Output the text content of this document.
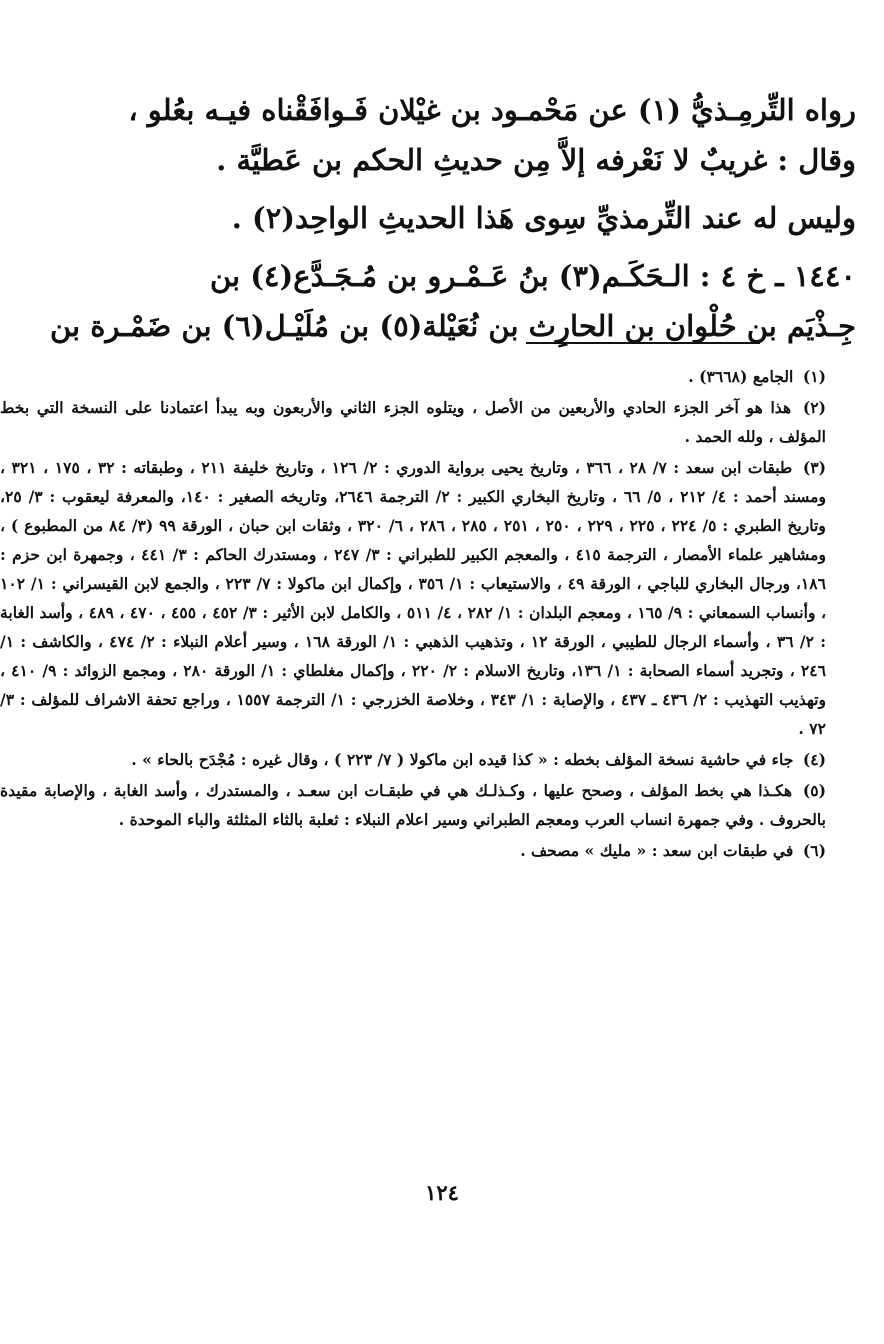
رواه التِّرمِـذيُّ (١) عن مَحْمـود بن غيْلان فَـوافَقْناه فيـه بعُلو ،
وقال : غريبٌ لا نَعْرفه إلاَّ مِن حديثِ الحكم بن عَطيَّة .

وليس له عند التِّرمذيِّ سِوى هَذا الحديثِ الواحِد(٢) .

١٤٤٠ ـ خ ٤ : الـحَكَـم(٣) بنُ عَـمْـرو بن مُـجَـدَّع(٤) بن
جِـذْيَم بن حُلْوان بن الحارِث بن نُعَيْلة(٥) بن مُلَيْـل(٦) بن ضَمْـرة بن

(١) الجامع (٣٦٦٨) .
(٢) هذا هو آخر الجزء الحادي والأربعين من الأصل ، ويتلوه الجزء الثاني والأربعون وبه يبدأ اعتمادنا على النسخة التي بخط المؤلف ، ولله الحمد .
(٣) طبقات ابن سعد : ٧/ ٢٨ ، ٣٦٦ ، وتاريخ يحيى برواية الدوري : ٢/ ١٢٦ ، وتاريخ خليفة ٢١١ ، وطبقاته : ٣٢ ، ١٧٥ ، ٣٢١ ، ومسند أحمد : ٤/ ٢١٢ ، ٥/ ٦٦ ، وتاريخ البخاري الكبير : ٢/ الترجمة ٢٦٤٦، وتاريخه الصغير : ١٤٠، والمعرفة ليعقوب : ٣/ ٢٥، وتاريخ الطبري : ٥/ ٢٢٤ ، ٢٢٥ ، ٢٢٩ ، ٢٥٠ ، ٢٥١ ، ٢٨٥ ، ٢٨٦ ، ٦/ ٣٢٠ ، وثقات ابن حبان ، الورقة ٩٩ (٣/ ٨٤ من المطبوع ) ، ومشاهير علماء الأمصار ، الترجمة ٤١٥ ، والمعجم الكبير للطبراني : ٣/ ٢٤٧ ، ومستدرك الحاكم : ٣/ ٤٤١ ، وجمهرة ابن حزم : ١٨٦، ورجال البخاري للباجي ، الورقة ٤٩ ، والاستيعاب : ١/ ٣٥٦ ، وإكمال ابن ماكولا : ٧/ ٢٢٣ ، والجمع لابن القيسراني : ١/ ١٠٢ ، وأنساب السمعاني : ٩/ ١٦٥ ، ومعجم البلدان : ١/ ٢٨٢ ، ٤/ ٥١١ ، والكامل لابن الأثير : ٣/ ٤٥٢ ، ٤٥٥ ، ٤٧٠ ، ٤٨٩ ، وأسد الغابة : ٢/ ٣٦ ، وأسماء الرجال للطيبي ، الورقة ١٢ ، وتذهيب الذهبي : ١/ الورقة ١٦٨ ، وسير أعلام النبلاء : ٢/ ٤٧٤ ، والكاشف : ١/ ٢٤٦ ، وتجريد أسماء الصحابة : ١/ ١٣٦، وتاريخ الاسلام : ٢/ ٢٢٠ ، وإكمال مغلطاي : ١/ الورقة ٢٨٠ ، ومجمع الزوائد : ٩/ ٤١٠ ، وتهذيب التهذيب : ٢/ ٤٣٦ ـ ٤٣٧ ، والإصابة : ١/ ٣٤٣ ، وخلاصة الخزرجي : ١/ الترجمة ١٥٥٧ ، وراجع تحفة الاشراف للمؤلف : ٣/ ٧٢ .
(٤) جاء في حاشية نسخة المؤلف بخطه : « كذا قيده ابن ماكولا ( ٧/ ٢٢٣ ) ، وقال غيره : مُجْدَح بالحاء » .
(٥) هكـذا هي بخط المؤلف ، وصحح عليها ، وكـذلـك هي في طبقـات ابن سعـد ، والمستدرك ، وأسد الغابة ، والإصابة مقيدة بالحروف . وفي جمهرة انساب العرب ومعجم الطبراني وسير اعلام النبلاء : ثعلبة بالثاء المثلثة والباء الموحدة .
(٦) في طبقات ابن سعد : « مليك » مصحف .
١٢٤
